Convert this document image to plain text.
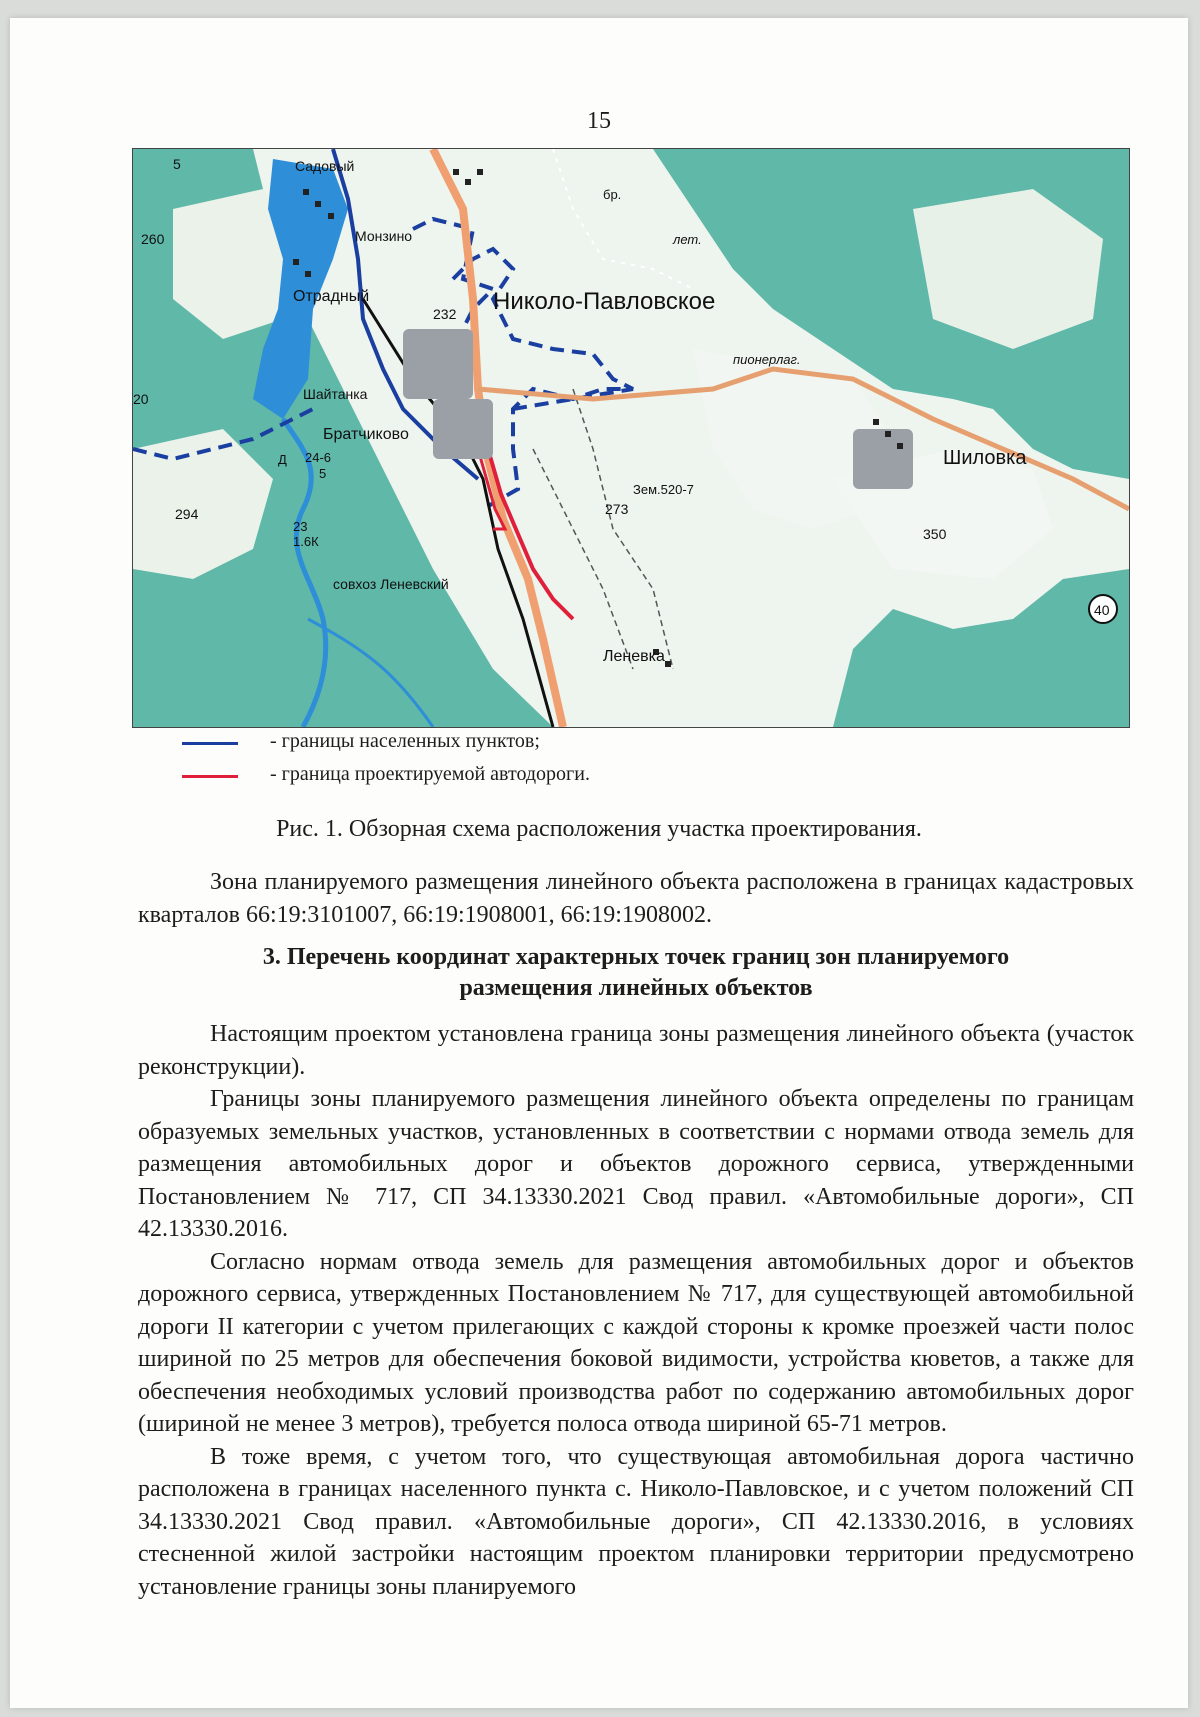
15
Николо-Павловское
Шиловка
Леневка
Братчиково
Отрадный
Монзино
Садовый
Шайтанка
совхоз Леневский
пионерлаг.
лет.
Зем.520-7
бр.
232
260
294	273
350
20
5
40
24-6
5
23
1.6К
Д
- границы населенных пунктов;
- граница проектируемой автодороги.
Рис. 1. Обзорная схема расположения участка проектирования.

Зона планируемого размещения линейного объекта расположена в границах кадастровых кварталов 66:19:3101007, 66:19:1908001, 66:19:1908002.

3. Перечень координат характерных точек границ зон планируемого
размещения линейных объектов

Настоящим проектом установлена граница зоны размещения линейного объекта (участок реконструкции).

Границы зоны планируемого размещения линейного объекта определены по границам образуемых земельных участков, установленных в соответствии с нормами отвода земель для размещения автомобильных дорог и объектов дорожного сервиса, утвержденными Постановлением № 717, СП 34.13330.2021 Свод правил. «Автомобильные дороги», СП 42.13330.2016.

Согласно нормам отвода земель для размещения автомобильных дорог и объектов дорожного сервиса, утвержденных Постановлением № 717, для существующей автомобильной дороги II категории с учетом прилегающих с каждой стороны к кромке проезжей части полос шириной по 25 метров для обеспечения боковой видимости, устройства кюветов, а также для обеспечения необходимых условий производства работ по содержанию автомобильных дорог (шириной не менее 3 метров), требуется полоса отвода шириной 65-71 метров.

В тоже время, с учетом того, что существующая автомобильная дорога частично расположена в границах населенного пункта с. Николо-Павловское, и с учетом положений СП 34.13330.2021 Свод правил. «Автомобильные дороги», СП 42.13330.2016, в условиях стесненной жилой застройки настоящим проектом планировки территории предусмотрено установление границы зоны планируемого
